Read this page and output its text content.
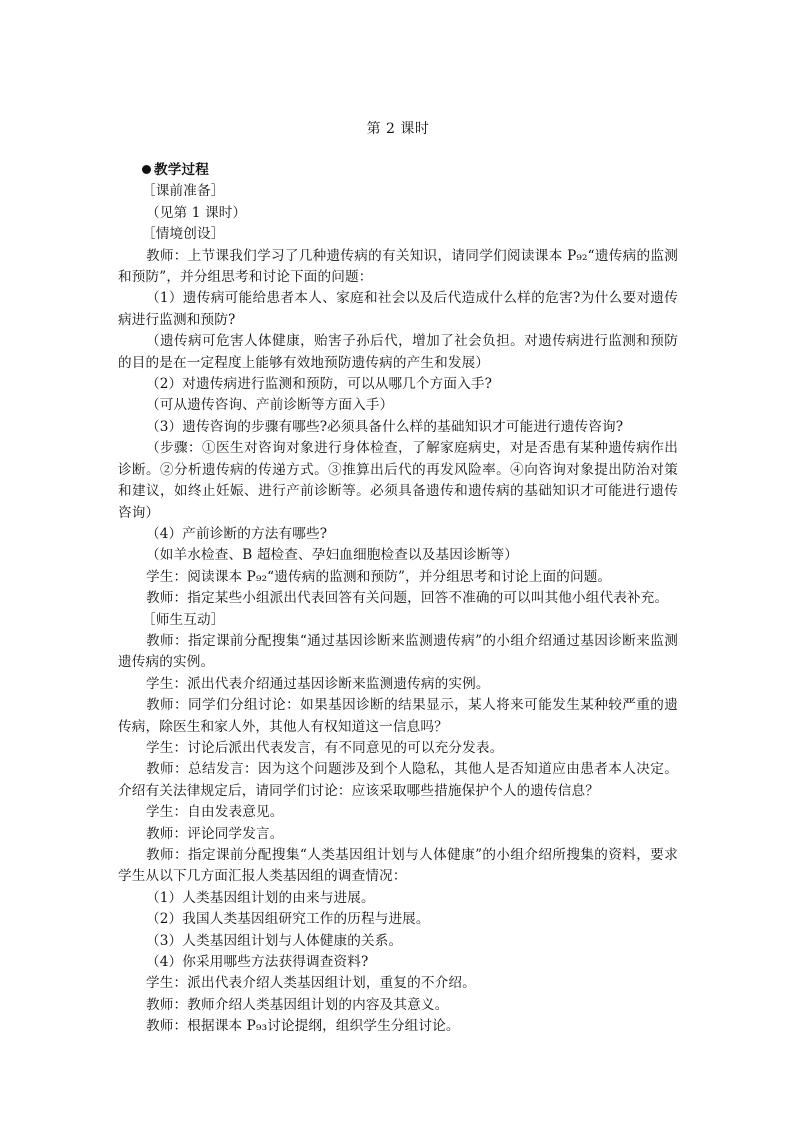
第 2 课时

教学过程

［课前准备］

（见第 1 课时）

［情境创设］

教师：上节课我们学习了几种遗传病的有关知识，请同学们阅读课本 P₉₂“遗传病的监测和预防”，并分组思考和讨论下面的问题：

（1）遗传病可能给患者本人、家庭和社会以及后代造成什么样的危害?为什么要对遗传病进行监测和预防?

（遗传病可危害人体健康，贻害子孙后代，增加了社会负担。对遗传病进行监测和预防的目的是在一定程度上能够有效地预防遗传病的产生和发展）

（2）对遗传病进行监测和预防，可以从哪几个方面入手?

（可从遗传咨询、产前诊断等方面入手）

（3）遗传咨询的步骤有哪些?必须具备什么样的基础知识才可能进行遗传咨询?

（步骤：①医生对咨询对象进行身体检查，了解家庭病史，对是否患有某种遗传病作出诊断。②分析遗传病的传递方式。③推算出后代的再发风险率。④向咨询对象提出防治对策和建议，如终止妊娠、进行产前诊断等。必须具备遗传和遗传病的基础知识才可能进行遗传咨询）

（4）产前诊断的方法有哪些?

（如羊水检查、B 超检查、孕妇血细胞检查以及基因诊断等）

学生：阅读课本 P₉₂“遗传病的监测和预防”，并分组思考和讨论上面的问题。

教师：指定某些小组派出代表回答有关问题，回答不准确的可以叫其他小组代表补充。

［师生互动］

教师：指定课前分配搜集“通过基因诊断来监测遗传病”的小组介绍通过基因诊断来监测遗传病的实例。

学生：派出代表介绍通过基因诊断来监测遗传病的实例。

教师：同学们分组讨论：如果基因诊断的结果显示，某人将来可能发生某种较严重的遗传病，除医生和家人外，其他人有权知道这一信息吗？

学生：讨论后派出代表发言，有不同意见的可以充分发表。

教师：总结发言：因为这个问题涉及到个人隐私，其他人是否知道应由患者本人决定。介绍有关法律规定后，请同学们讨论：应该采取哪些措施保护个人的遗传信息？

学生：自由发表意见。

教师：评论同学发言。

教师：指定课前分配搜集“人类基因组计划与人体健康”的小组介绍所搜集的资料，要求学生从以下几方面汇报人类基因组的调查情况：

（1）人类基因组计划的由来与进展。

（2）我国人类基因组研究工作的历程与进展。

（3）人类基因组计划与人体健康的关系。

（4）你采用哪些方法获得调查资料?

学生：派出代表介绍人类基因组计划，重复的不介绍。

教师：教师介绍人类基因组计划的内容及其意义。

教师：根据课本 P₉₃讨论提纲，组织学生分组讨论。
